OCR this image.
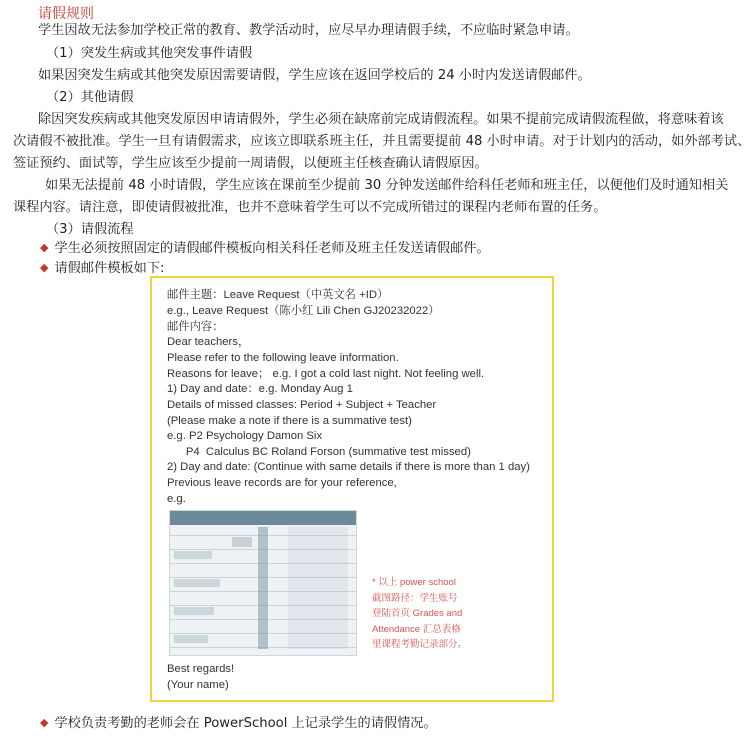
请假规则
学生因故无法参加学校正常的教育、教学活动时，应尽早办理请假手续，不应临时紧急申请。
（1）突发生病或其他突发事件请假
如果因突发生病或其他突发原因需要请假，学生应该在返回学校后的 24 小时内发送请假邮件。
（2）其他请假
除因突发疾病或其他突发原因申请请假外，学生必须在缺席前完成请假流程。如果不提前完成请假流程做，将意味着该
次请假不被批准。学生一旦有请假需求，应该立即联系班主任，并且需要提前 48 小时申请。对于计划内的活动，如外部考试、
签证预约、面试等，学生应该至少提前一周请假，以便班主任核查确认请假原因。
如果无法提前 48 小时请假，学生应该在课前至少提前 30 分钟发送邮件给科任老师和班主任，以便他们及时通知相关
课程内容。请注意，即使请假被批准，也并不意味着学生可以不完成所错过的课程内老师布置的任务。
（3）请假流程
◆ 学生必须按照固定的请假邮件模板向相关科任老师及班主任发送请假邮件。
◆ 请假邮件模板如下:
邮件主题：Leave Request（中英文名 +ID）
e.g., Leave Request（陈小红 Lili Chen GJ20232022）
邮件内容：
Dear teachers，
Please refer to the following leave information.
Reasons for leave； e.g. I got a cold last night. Not feeling well.
1) Day and date：e.g. Monday Aug 1
Details of missed classes: Period + Subject + Teacher
(Please make a note if there is a summative test)
e.g. P2 Psychology Damon Six
P4  Calculus BC Roland Forson (summative test missed)
2) Day and date: (Continue with same details if there is more than 1 day)
Previous leave records are for your reference,
e.g.
* 以上 power school
截图路径：学生账号
登陆首页 Grades and
Attendance 汇总表格
里课程考勤记录部分。
Best regards!
(Your name)
◆ 学校负责考勤的老师会在 PowerSchool 上记录学生的请假情况。
